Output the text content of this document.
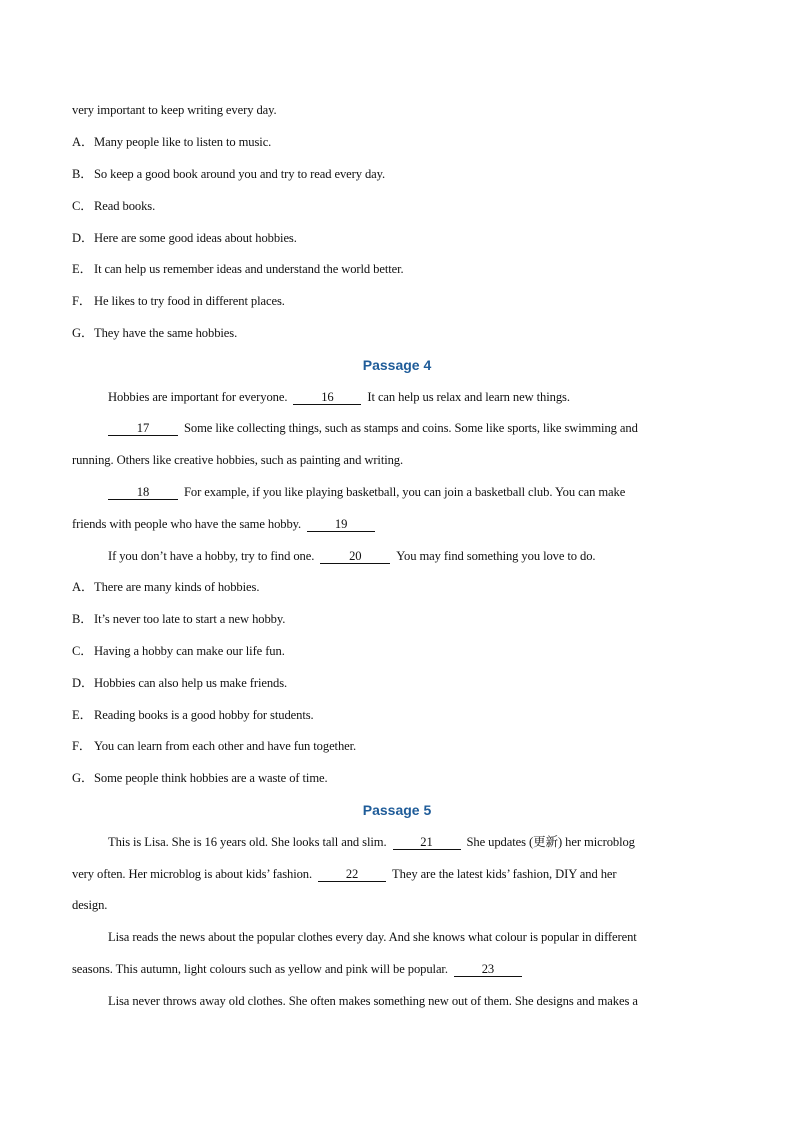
very important to keep writing every day.
A．Many people like to listen to music.
B．So keep a good book around you and try to read every day.
C．Read books.
D．Here are some good ideas about hobbies.
E． It can help us remember ideas and understand the world better.
F． He likes to try food in different places.
G．They have the same hobbies.
Passage 4
Hobbies are important for everyone.	16	It can help us relax and learn new things.
17	Some like collecting things, such as stamps and coins. Some like sports, like swimming and
running. Others like creative hobbies, such as painting and writing.
18	For example, if you like playing basketball, you can join a basketball club. You can make
friends with people who have the same hobby.	19
If you don’t have a hobby, try to find one.	20	You may find something you love to do.
A．There are many kinds of hobbies.
B．It’s never too late to start a new hobby.
C．Having a hobby can make our life fun.
D．Hobbies can also help us make friends.
E． Reading books is a good hobby for students.
F． You can learn from each other and have fun together.
G．Some people think hobbies are a waste of time.
Passage 5
This is Lisa. She is 16 years old. She looks tall and slim.	21	She updates (更新) her microblog
very often. Her microblog is about kids’ fashion.	22	They are the latest kids’ fashion, DIY and her
design.
Lisa reads the news about the popular clothes every day. And she knows what colour is popular in different
seasons. This autumn, light colours such as yellow and pink will be popular.	23
Lisa never throws away old clothes. She often makes something new out of them. She designs and makes a
